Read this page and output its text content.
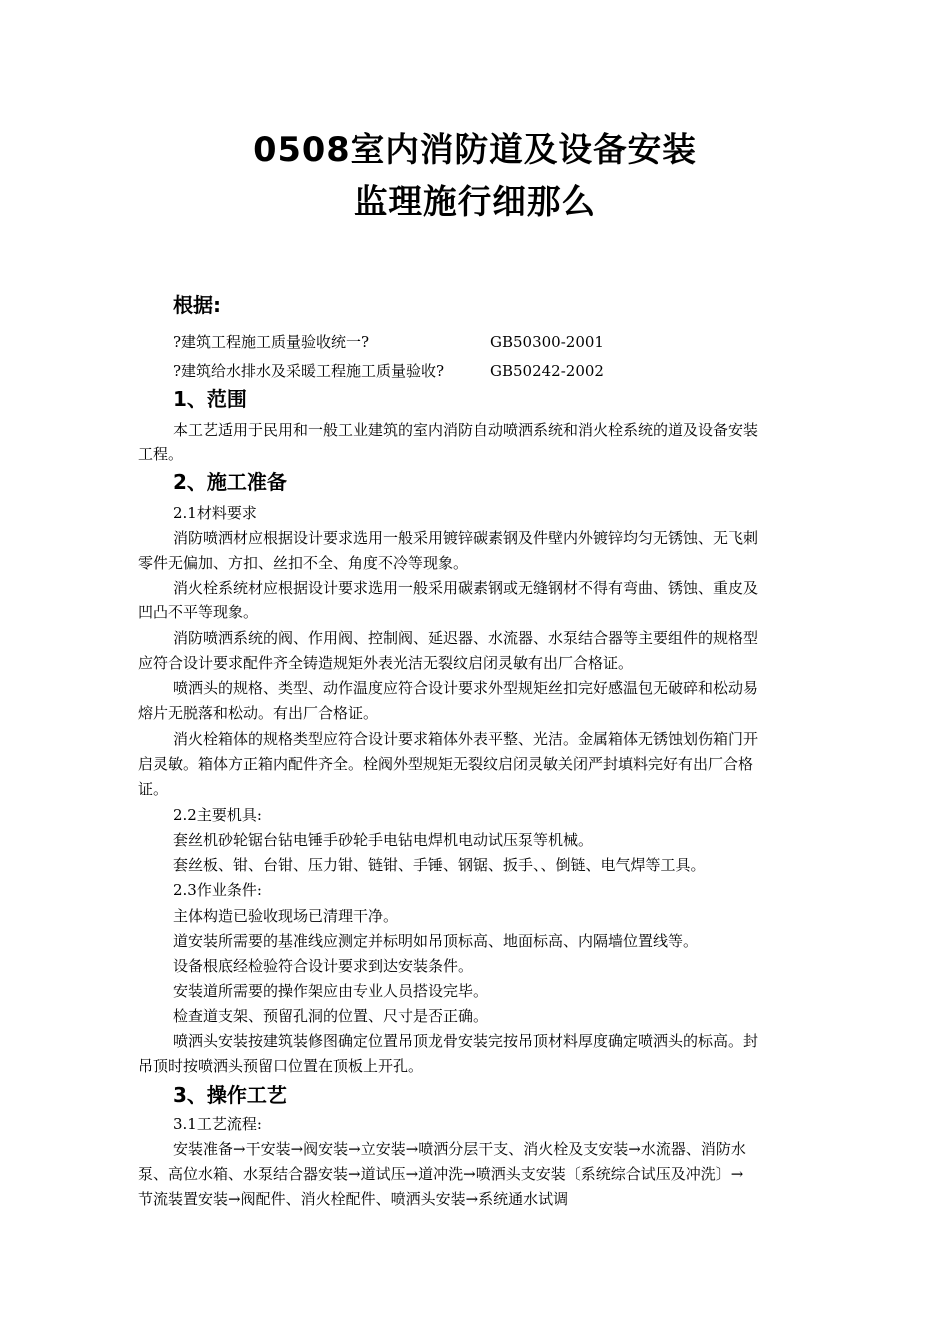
0508室内消防道及设备安装
监理施行细那么
根据:
?建筑工程施工质量验收统一?	GB50300-2001
?建筑给水排水及采暖工程施工质量验收?	GB50242-2002
1、范围
本工艺适用于民用和一般工业建筑的室内消防自动喷洒系统和消火栓系统的道及设备安装
工程。
2、施工准备
2.1材料要求
消防喷洒材应根据设计要求选用一般采用镀锌碳素钢及件壁内外镀锌均匀无锈蚀、无飞刺
零件无偏加、方扣、丝扣不全、角度不冷等现象。
消火栓系统材应根据设计要求选用一般采用碳素钢或无缝钢材不得有弯曲、锈蚀、重皮及
凹凸不平等现象。
消防喷洒系统的阀、作用阀、控制阀、延迟器、水流器、水泵结合器等主要组件的规格型
应符合设计要求配件齐全铸造规矩外表光洁无裂纹启闭灵敏有出厂合格证。
喷洒头的规格、类型、动作温度应符合设计要求外型规矩丝扣完好感温包无破碎和松动易
熔片无脱落和松动。有出厂合格证。
消火栓箱体的规格类型应符合设计要求箱体外表平整、光洁。金属箱体无锈蚀划伤箱门开
启灵敏。箱体方正箱内配件齐全。栓阀外型规矩无裂纹启闭灵敏关闭严封填料完好有出厂合格
证。
2.2主要机具:
套丝机砂轮锯台钻电锤手砂轮手电钻电焊机电动试压泵等机械。
套丝板、钳、台钳、压力钳、链钳、手锤、钢锯、扳手、、倒链、电气焊等工具。
2.3作业条件:
主体构造已验收现场已清理干净。
道安装所需要的基准线应测定并标明如吊顶标高、地面标高、内隔墙位置线等。
设备根底经检验符合设计要求到达安装条件。
安装道所需要的操作架应由专业人员搭设完毕。
检查道支架、预留孔洞的位置、尺寸是否正确。
喷洒头安装按建筑装修图确定位置吊顶龙骨安装完按吊顶材料厚度确定喷洒头的标高。封
吊顶时按喷洒头预留口位置在顶板上开孔。
3、操作工艺
3.1工艺流程:
安装准备→干安装→阀安装→立安装→喷洒分层干支、消火栓及支安装→水流器、消防水
泵、高位水箱、水泵结合器安装→道试压→道冲洗→喷洒头支安装〔系统综合试压及冲洗〕→
节流装置安装→阀配件、消火栓配件、喷洒头安装→系统通水试调
